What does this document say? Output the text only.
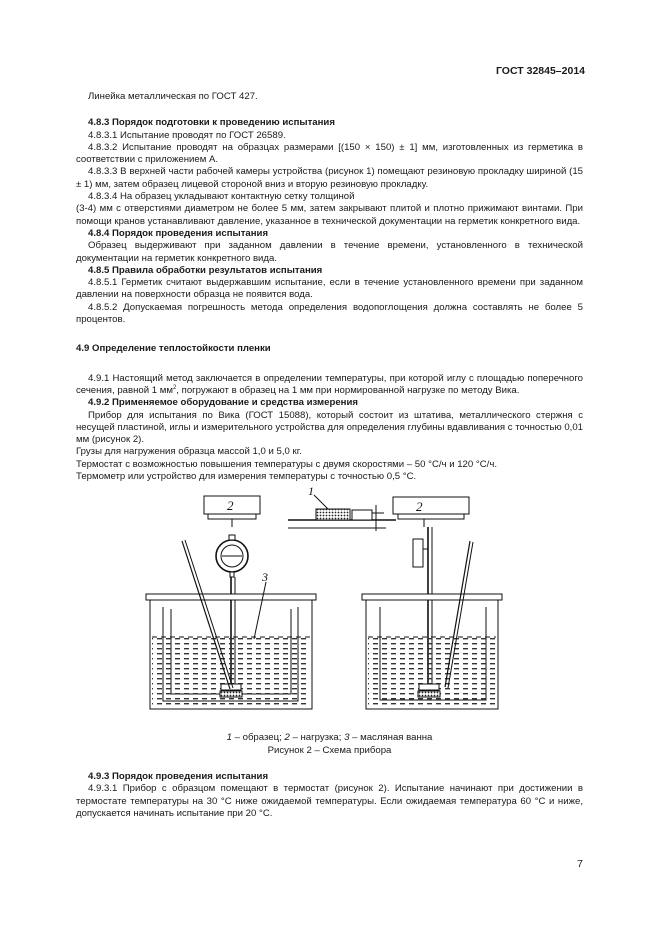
ГОСТ 32845–2014

Линейка металлическая по ГОСТ 427.

4.8.3 Порядок подготовки к проведению испытания

4.8.3.1 Испытание проводят по ГОСТ 26589.

4.8.3.2 Испытание проводят на образцах размерами [(150 × 150) ± 1] мм, изготовленных из герметика в соответствии с приложением А.

4.8.3.3 В верхней части рабочей камеры устройства (рисунок 1) помещают резиновую прокладку шириной (15 ± 1) мм, затем образец лицевой стороной вниз и вторую резиновую прокладку.

4.8.3.4 На образец укладывают контактную сетку толщиной

(3-4) мм с отверстиями диаметром не более 5 мм, затем закрывают плитой и плотно прижимают винтами. При помощи кранов устанавливают давление, указанное в технической документации на герметик конкретного вида.

4.8.4 Порядок проведения испытания

Образец выдерживают при заданном давлении в течение времени, установленного в технической документации на герметик конкретного вида.

4.8.5 Правила обработки результатов испытания

4.8.5.1 Герметик считают выдержавшим испытание, если в течение установленного времени при заданном давлении на поверхности образца не появится вода.

4.8.5.2 Допускаемая погрешность метода определения водопоглощения должна составлять не более 5 процентов.

4.9 Определение теплостойкости пленки

4.9.1 Настоящий метод заключается в определении температуры, при которой иглу с площадью поперечного сечения, равной 1 $мм^2$, погружают в образец на 1 мм при нормированной нагрузке по методу Вика.

4.9.2 Применяемое оборудование и средства измерения

Прибор для испытания по Вика (ГОСТ 15088), который состоит из штатива, металлического стержня с несущей пластиной, иглы и измерительного устройства для определения глубины вдавливания с точностью 0,01 мм (рисунок 2).

Грузы для нагружения образца массой 1,0 и 5,0 кг.

Термостат с возможностью повышения температуры с двумя скоростями – 50 °С/ч и 120 °С/ч.

Термометр или устройство для измерения температуры с точностью 0,5 °С.

2	2
3
1

1 – образец; 2 – нагрузка; 3 – масляная ванна

Рисунок 2 – Схема прибора

4.9.3 Порядок проведения испытания

4.9.3.1 Прибор с образцом помещают в термостат (рисунок 2). Испытание начинают при достижении в термостате температуры на 30 °С ниже ожидаемой температуры. Если ожидаемая температура 60 °С и ниже, допускается начинать испытание при 20 °С.

7
